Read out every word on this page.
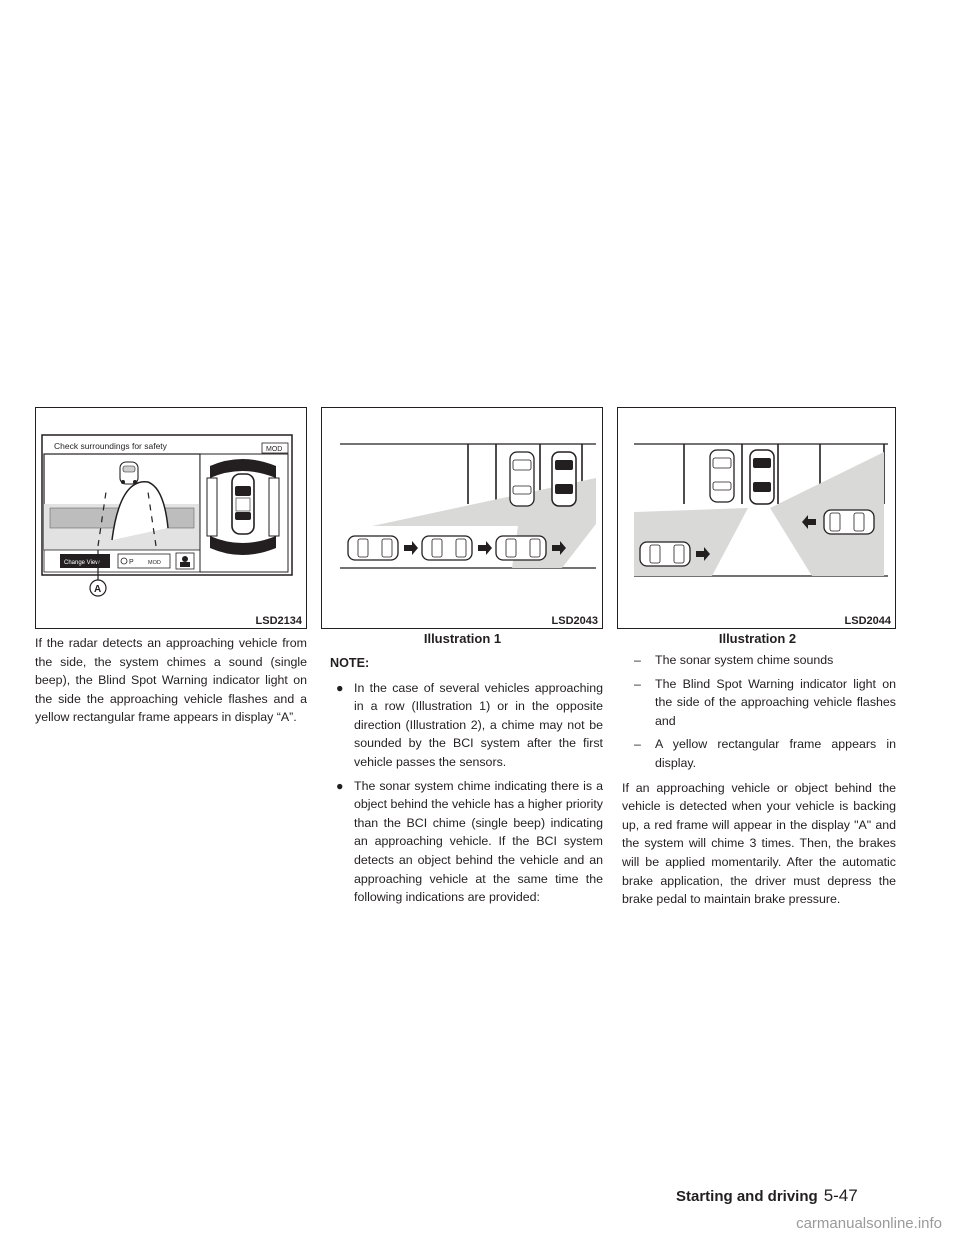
Check surroundings for safety
Change View	P	MOD
MOD
A
LSD2134	LSD2043	LSD2044
Illustration 1	Illustration 2

If the radar detects an approaching vehicle from the side, the system chimes a sound (single beep), the Blind Spot Warning indicator light on the side the approaching vehicle flashes and a yellow rectangular frame appears in display “A”.

NOTE:

● In the case of several vehicles approaching in a row (Illustration 1) or in the opposite direction (Illustration 2), a chime may not be sounded by the BCI system after the first vehicle passes the sensors.
● The sonar system chime indicating there is a object behind the vehicle has a higher priority than the BCI chime (single beep) indicating an approaching vehicle. If the BCI system detects an object behind the vehicle and an approaching vehicle at the same time the following indications are provided:
– The sonar system chime sounds
– The Blind Spot Warning indicator light on the side of the approaching vehicle flashes and
– A yellow rectangular frame appears in display.

If an approaching vehicle or object behind the vehicle is detected when your vehicle is backing up, a red frame will appear in the display "A" and the system will chime 3 times. Then, the brakes will be applied momentarily. After the automatic brake application, the driver must depress the brake pedal to maintain brake pressure.

Starting and driving 5-47
carmanualsonline.info
